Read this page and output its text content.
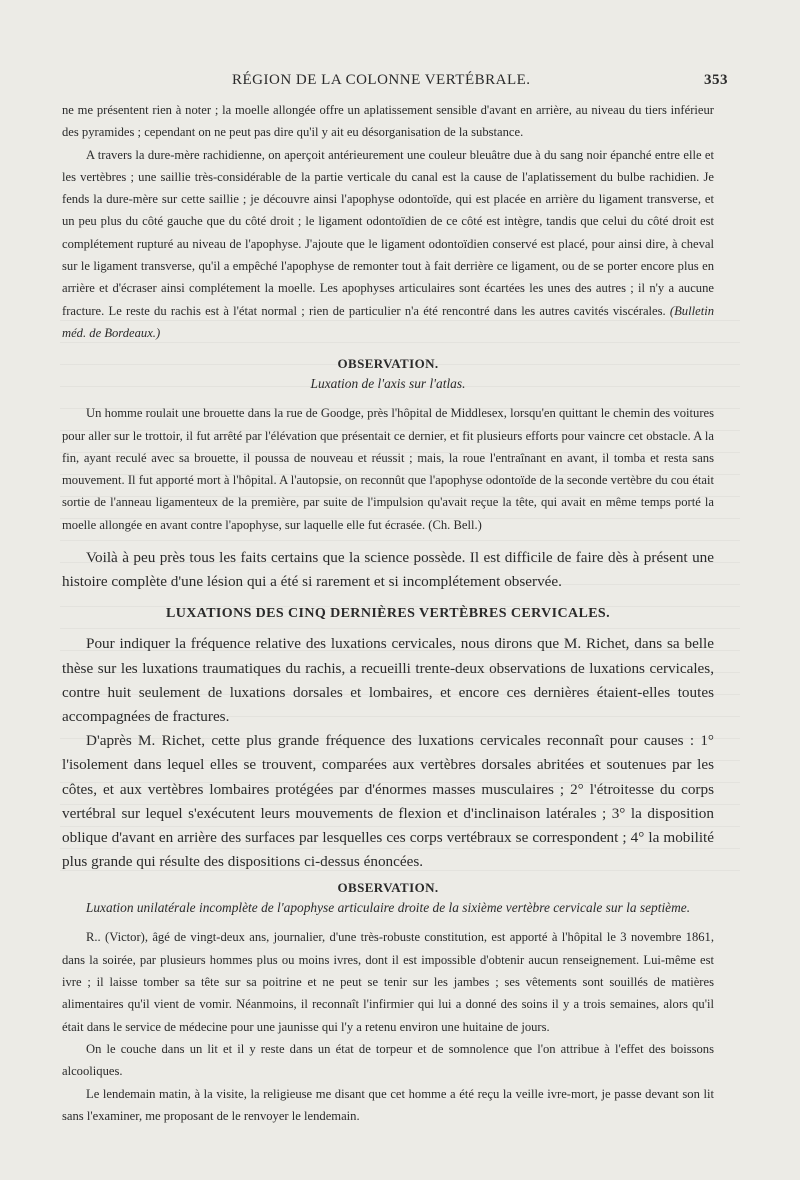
RÉGION DE LA COLONNE VERTÉBRALE.	353

ne me présentent rien à noter ; la moelle allongée offre un aplatissement sensible d'avant en arrière, au niveau du tiers inférieur des pyramides ; cependant on ne peut pas dire qu'il y ait eu désorganisation de la substance.

A travers la dure-mère rachidienne, on aperçoit antérieurement une couleur bleuâtre due à du sang noir épanché entre elle et les vertèbres ; une saillie très-considérable de la partie verticale du canal est la cause de l'aplatissement du bulbe rachidien. Je fends la dure-mère sur cette saillie ; je découvre ainsi l'apophyse odontoïde, qui est placée en arrière du ligament transverse, et un peu plus du côté gauche que du côté droit ; le ligament odontoïdien de ce côté est intègre, tandis que celui du côté droit est complétement rupturé au niveau de l'apophyse. J'ajoute que le ligament odontoïdien conservé est placé, pour ainsi dire, à cheval sur le ligament transverse, qu'il a empêché l'apophyse de remonter tout à fait derrière ce ligament, ou de se porter encore plus en arrière et d'écraser ainsi complétement la moelle. Les apophyses articulaires sont écartées les unes des autres ; il n'y a aucune fracture. Le reste du rachis est à l'état normal ; rien de particulier n'a été rencontré dans les autres cavités viscérales. (Bulletin méd. de Bordeaux.)

OBSERVATION.
Luxation de l'axis sur l'atlas.

Un homme roulait une brouette dans la rue de Goodge, près l'hôpital de Middlesex, lorsqu'en quittant le chemin des voitures pour aller sur le trottoir, il fut arrêté par l'élévation que présentait ce dernier, et fit plusieurs efforts pour vaincre cet obstacle. A la fin, ayant reculé avec sa brouette, il poussa de nouveau et réussit ; mais, la roue l'entraînant en avant, il tomba et resta sans mouvement. Il fut apporté mort à l'hôpital. A l'autopsie, on reconnût que l'apophyse odontoïde de la seconde vertèbre du cou était sortie de l'anneau ligamenteux de la première, par suite de l'impulsion qu'avait reçue la tête, qui avait en même temps porté la moelle allongée en avant contre l'apophyse, sur laquelle elle fut écrasée. (Ch. Bell.)

Voilà à peu près tous les faits certains que la science possède. Il est difficile de faire dès à présent une histoire complète d'une lésion qui a été si rarement et si incomplétement observée.

LUXATIONS DES CINQ DERNIÈRES VERTÈBRES CERVICALES.

Pour indiquer la fréquence relative des luxations cervicales, nous dirons que M. Richet, dans sa belle thèse sur les luxations traumatiques du rachis, a recueilli trente-deux observations de luxations cervicales, contre huit seulement de luxations dorsales et lombaires, et encore ces dernières étaient-elles toutes accompagnées de fractures.

D'après M. Richet, cette plus grande fréquence des luxations cervicales reconnaît pour causes : 1° l'isolement dans lequel elles se trouvent, comparées aux vertèbres dorsales abritées et soutenues par les côtes, et aux vertèbres lombaires protégées par d'énormes masses musculaires ; 2° l'étroitesse du corps vertébral sur lequel s'exécutent leurs mouvements de flexion et d'inclinaison latérales ; 3° la disposition oblique d'avant en arrière des surfaces par lesquelles ces corps vertébraux se correspondent ; 4° la mobilité plus grande qui résulte des dispositions ci-dessus énoncées.

OBSERVATION.
Luxation unilatérale incomplète de l'apophyse articulaire droite de la sixième vertèbre cervicale sur la septième.

R.. (Victor), âgé de vingt-deux ans, journalier, d'une très-robuste constitution, est apporté à l'hôpital le 3 novembre 1861, dans la soirée, par plusieurs hommes plus ou moins ivres, dont il est impossible d'obtenir aucun renseignement. Lui-même est ivre ; il laisse tomber sa tête sur sa poitrine et ne peut se tenir sur les jambes ; ses vêtements sont souillés de matières alimentaires qu'il vient de vomir. Néanmoins, il reconnaît l'infirmier qui lui a donné des soins il y a trois semaines, alors qu'il était dans le service de médecine pour une jaunisse qui l'y a retenu environ une huitaine de jours.

On le couche dans un lit et il y reste dans un état de torpeur et de somnolence que l'on attribue à l'effet des boissons alcooliques.

Le lendemain matin, à la visite, la religieuse me disant que cet homme a été reçu la veille ivre-mort, je passe devant son lit sans l'examiner, me proposant de le renvoyer le lendemain.
